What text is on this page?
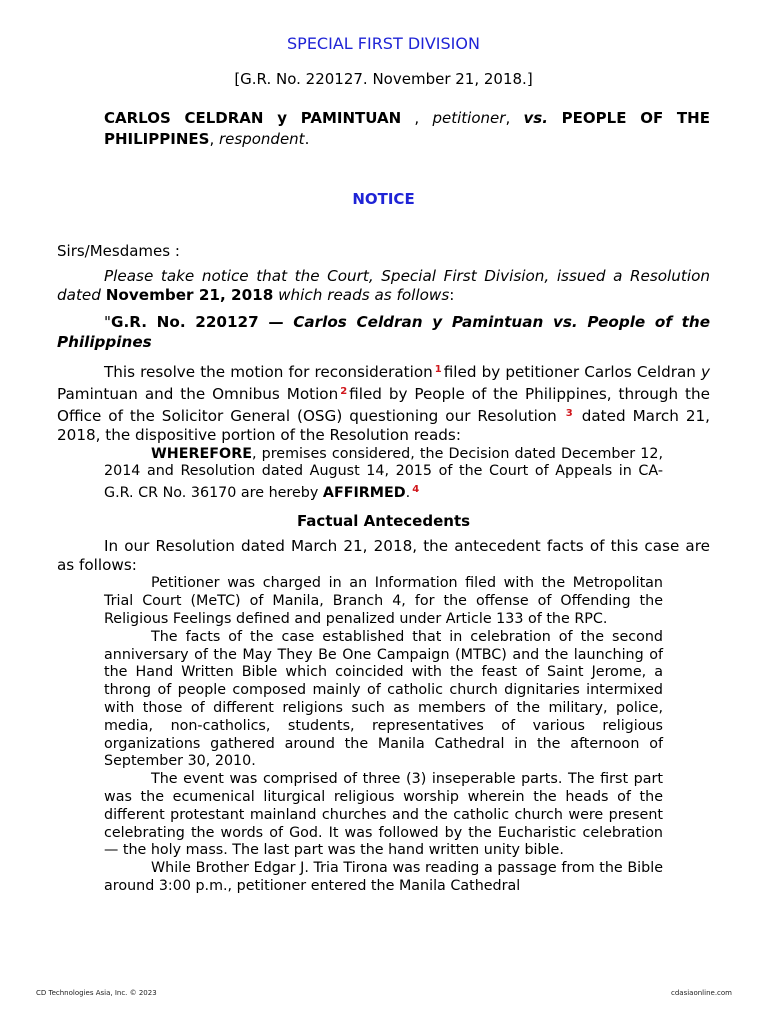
SPECIAL FIRST DIVISION

[G.R. No. 220127. November 21, 2018.]

CARLOS CELDRAN y PAMINTUAN , petitioner, vs. PEOPLE OF THE PHILIPPINES, respondent.

NOTICE

Sirs/Mesdames :

Please take notice that the Court, Special First Division, issued a Resolution dated November 21, 2018 which reads as follows:

"G.R. No. 220127 — Carlos Celdran y Pamintuan vs. People of the Philippines

This resolve the motion for reconsideration $^1$ filed by petitioner Carlos Celdran y Pamintuan and the Omnibus Motion $^2$ filed by People of the Philippines, through the Office of the Solicitor General (OSG) questioning our Resolution $^3$ dated March 21, 2018, the dispositive portion of the Resolution reads:

WHEREFORE, premises considered, the Decision dated December 12, 2014 and Resolution dated August 14, 2015 of the Court of Appeals in CA-G.R. CR No. 36170 are hereby AFFIRMED. $^4$

Factual Antecedents

In our Resolution dated March 21, 2018, the antecedent facts of this case are as follows:

Petitioner was charged in an Information filed with the Metropolitan Trial Court (MeTC) of Manila, Branch 4, for the offense of Offending the Religious Feelings defined and penalized under Article 133 of the RPC.

The facts of the case established that in celebration of the second anniversary of the May They Be One Campaign (MTBC) and the launching of the Hand Written Bible which coincided with the feast of Saint Jerome, a throng of people composed mainly of catholic church dignitaries intermixed with those of different religions such as members of the military, police, media, non-catholics, students, representatives of various religious organizations gathered around the Manila Cathedral in the afternoon of September 30, 2010.

The event was comprised of three (3) inseperable parts. The first part was the ecumenical liturgical religious worship wherein the heads of the different protestant mainland churches and the catholic church were present celebrating the words of God. It was followed by the Eucharistic celebration — the holy mass. The last part was the hand written unity bible.

While Brother Edgar J. Tria Tirona was reading a passage from the Bible around 3:00 p.m., petitioner entered the Manila Cathedral

CD Technologies Asia, Inc. © 2023	cdasiaonline.com
